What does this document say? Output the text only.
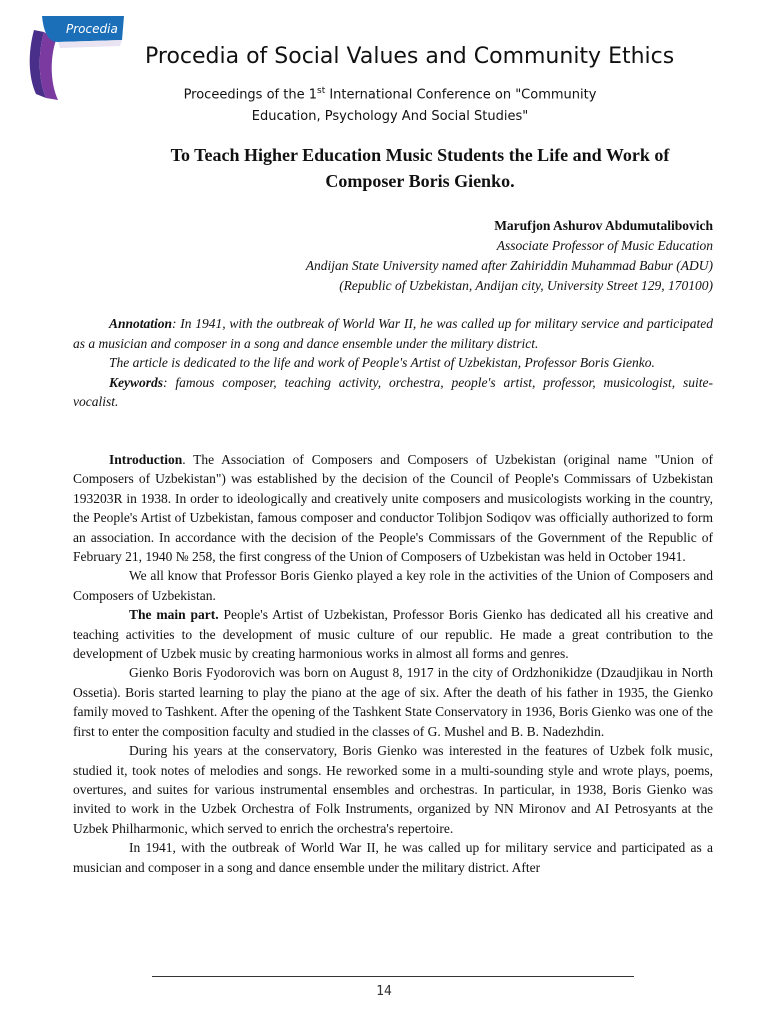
Procedia
Procedia of Social Values and Community Ethics
Proceedings of the 1st International Conference on "Community Education, Psychology And Social Studies"
To Teach Higher Education Music Students the Life and Work of Composer Boris Gienko.
Marufjon Ashurov Abdumutalibovich
Associate Professor of Music Education
Andijan State University named after Zahiriddin Muhammad Babur (ADU)
(Republic of Uzbekistan, Andijan city, University Street 129, 170100)

Annotation: In 1941, with the outbreak of World War II, he was called up for military service and participated as a musician and composer in a song and dance ensemble under the military district.

The article is dedicated to the life and work of People's Artist of Uzbekistan, Professor Boris Gienko.

Keywords: famous composer, teaching activity, orchestra, people's artist, professor, musicologist, suite-vocalist.

Introduction. The Association of Composers and Composers of Uzbekistan (original name "Union of Composers of Uzbekistan") was established by the decision of the Council of People's Commissars of Uzbekistan 193203R in 1938. In order to ideologically and creatively unite composers and musicologists working in the country, the People's Artist of Uzbekistan, famous composer and conductor Tolibjon Sodiqov was officially authorized to form an association. In accordance with the decision of the People's Commissars of the Government of the Republic of February 21, 1940 № 258, the first congress of the Union of Composers of Uzbekistan was held in October 1941.

We all know that Professor Boris Gienko played a key role in the activities of the Union of Composers and Composers of Uzbekistan.

The main part. People's Artist of Uzbekistan, Professor Boris Gienko has dedicated all his creative and teaching activities to the development of music culture of our republic. He made a great contribution to the development of Uzbek music by creating harmonious works in almost all forms and genres.

Gienko Boris Fyodorovich was born on August 8, 1917 in the city of Ordzhonikidze (Dzaudjikau in North Ossetia). Boris started learning to play the piano at the age of six. After the death of his father in 1935, the Gienko family moved to Tashkent. After the opening of the Tashkent State Conservatory in 1936, Boris Gienko was one of the first to enter the composition faculty and studied in the classes of G. Mushel and B. B. Nadezhdin.

During his years at the conservatory, Boris Gienko was interested in the features of Uzbek folk music, studied it, took notes of melodies and songs. He reworked some in a multi-sounding style and wrote plays, poems, overtures, and suites for various instrumental ensembles and orchestras. In particular, in 1938, Boris Gienko was invited to work in the Uzbek Orchestra of Folk Instruments, organized by NN Mironov and AI Petrosyants at the Uzbek Philharmonic, which served to enrich the orchestra's repertoire.

In 1941, with the outbreak of World War II, he was called up for military service and participated as a musician and composer in a song and dance ensemble under the military district. After

14
